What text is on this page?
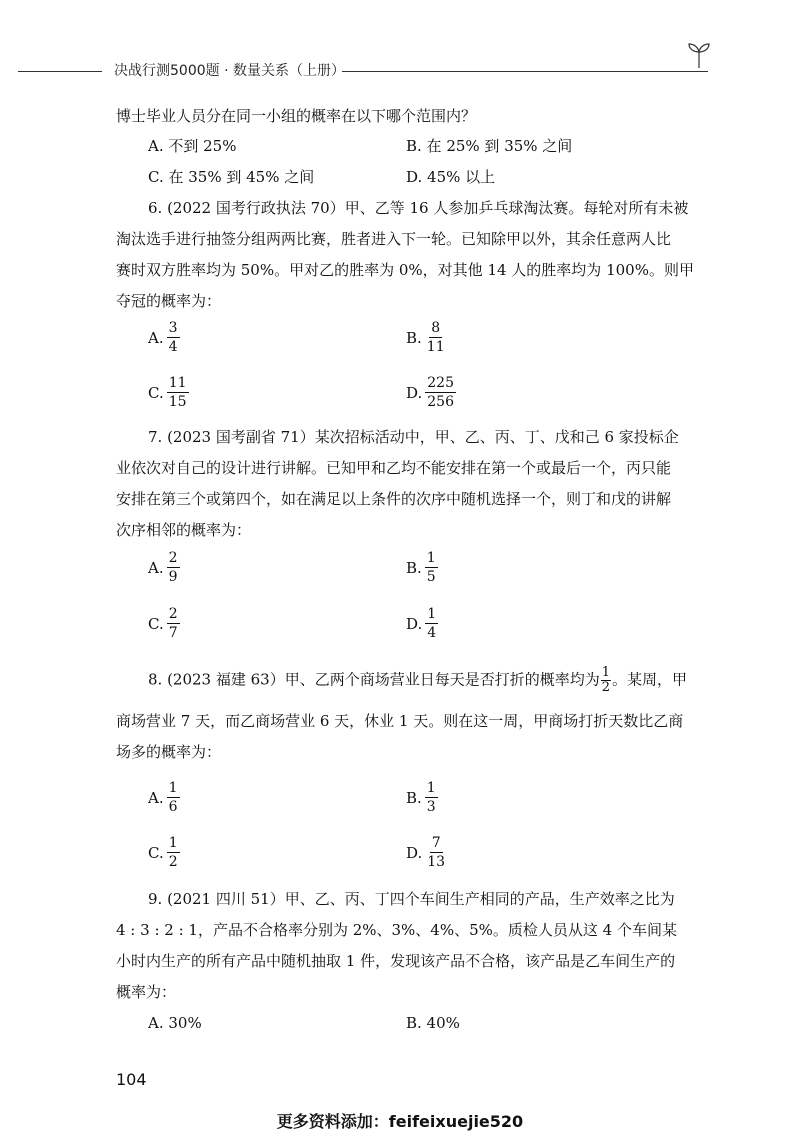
决战行测5000题 · 数量关系（上册）
博士毕业人员分在同一小组的概率在以下哪个范围内？
A. 不到 25%	B. 在 25% 到 35% 之间
C. 在 35% 到 45% 之间	D. 45% 以上
6. (2022 国考行政执法 70）甲、乙等 16 人参加乒乓球淘汰赛。每轮对所有未被
淘汰选手进行抽签分组两两比赛，胜者进入下一轮。已知除甲以外，其余任意两人比
赛时双方胜率均为 50%。甲对乙的胜率为 0%，对其他 14 人的胜率均为 100%。则甲
夺冠的概率为：
A. $\frac{3}{4}$	B. $\frac{8}{11}$
C. $\frac{11}{15}$	D. $\frac{225}{256}$
7. (2023 国考副省 71）某次招标活动中，甲、乙、丙、丁、戊和己 6 家投标企
业依次对自己的设计进行讲解。已知甲和乙均不能安排在第一个或最后一个，丙只能
安排在第三个或第四个，如在满足以上条件的次序中随机选择一个，则丁和戊的讲解
次序相邻的概率为：
A. $\frac{2}{9}$	B. $\frac{1}{5}$
C. $\frac{2}{7}$	D. $\frac{1}{4}$
8. (2023 福建 63）甲、乙两个商场营业日每天是否打折的概率均为 $\frac{1}{2}$ 。某周，甲
商场营业 7 天，而乙商场营业 6 天，休业 1 天。则在这一周，甲商场打折天数比乙商
场多的概率为：
A. $\frac{1}{6}$	B. $\frac{1}{3}$
C. $\frac{1}{2}$	D. $\frac{7}{13}$
9. (2021 四川 51）甲、乙、丙、丁四个车间生产相同的产品，生产效率之比为
4 : 3 : 2 : 1，产品不合格率分别为 2%、3%、4%、5%。质检人员从这 4 个车间某
小时内生产的所有产品中随机抽取 1 件，发现该产品不合格，该产品是乙车间生产的
概率为：
A. 30%	B. 40%
104
更多资料添加：feifeixuejie520
